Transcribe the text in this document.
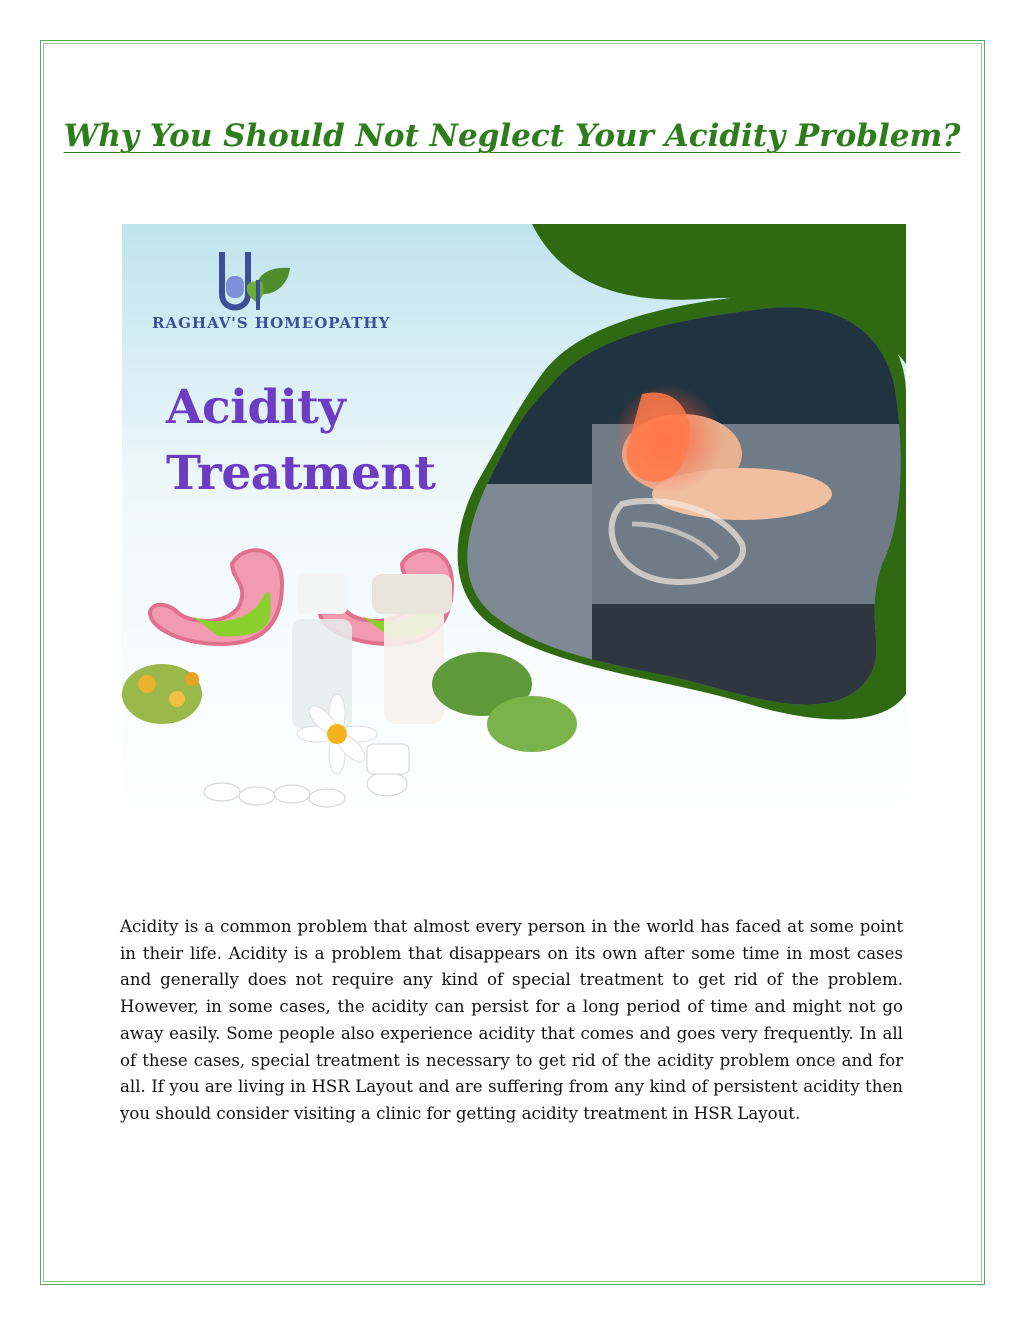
Why You Should Not Neglect Your Acidity Problem?
RAGHAV'S HOMEOPATHY
Acidity
Treatment

Acidity is a common problem that almost every person in the world has faced at some point in their life. Acidity is a problem that disappears on its own after some time in most cases and generally does not require any kind of special treatment to get rid of the problem. However, in some cases, the acidity can persist for a long period of time and might not go away easily. Some people also experience acidity that comes and goes very frequently. In all of these cases, special treatment is necessary to get rid of the acidity problem once and for all. If you are living in HSR Layout and are suffering from any kind of persistent acidity then you should consider visiting a clinic for getting acidity treatment in HSR Layout.
